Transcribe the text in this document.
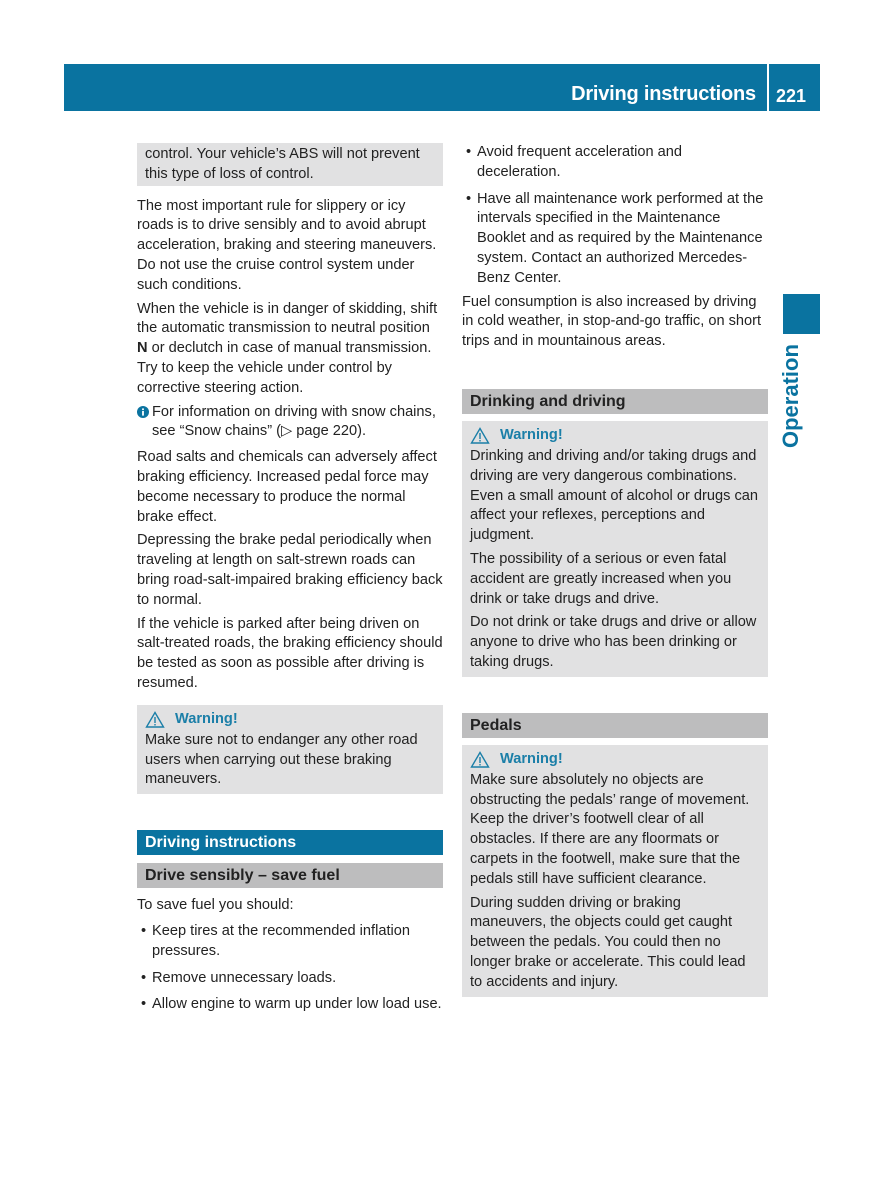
Driving instructions 221
Operation

control. Your vehicle’s ABS will not prevent this type of loss of control.

The most important rule for slippery or icy roads is to drive sensibly and to avoid abrupt acceleration, braking and steering maneuvers. Do not use the cruise control system under such conditions.

When the vehicle is in danger of skidding, shift the automatic transmission to neutral position N or declutch in case of manual transmission. Try to keep the vehicle under control by corrective steering action.

For information on driving with snow chains, see “Snow chains” (▷ page 220).

Road salts and chemicals can adversely affect braking efficiency. Increased pedal force may become necessary to produce the normal brake effect.

Depressing the brake pedal periodically when traveling at length on salt-strewn roads can bring road-salt-impaired braking efficiency back to normal.

If the vehicle is parked after being driven on salt-treated roads, the braking efficiency should be tested as soon as possible after driving is resumed.

Warning!

Make sure not to endanger any other road users when carrying out these braking maneuvers.

Driving instructions
Drive sensibly – save fuel

To save fuel you should:

• Keep tires at the recommended inflation pressures.
• Remove unnecessary loads.
• Allow engine to warm up under low load use.
• Avoid frequent acceleration and deceleration.
• Have all maintenance work performed at the intervals specified in the Maintenance Booklet and as required by the Maintenance system. Contact an authorized Mercedes-Benz Center.

Fuel consumption is also increased by driving in cold weather, in stop-and-go traffic, on short trips and in mountainous areas.

Drinking and driving
Warning!

Drinking and driving and/or taking drugs and driving are very dangerous combinations. Even a small amount of alcohol or drugs can affect your reflexes, perceptions and judgment.

The possibility of a serious or even fatal accident are greatly increased when you drink or take drugs and drive.

Do not drink or take drugs and drive or allow anyone to drive who has been drinking or taking drugs.

Pedals
Warning!

Make sure absolutely no objects are obstructing the pedals’ range of movement. Keep the driver’s footwell clear of all obstacles. If there are any floormats or carpets in the footwell, make sure that the pedals still have sufficient clearance.

During sudden driving or braking maneuvers, the objects could get caught between the pedals. You could then no longer brake or accelerate. This could lead to accidents and injury.
